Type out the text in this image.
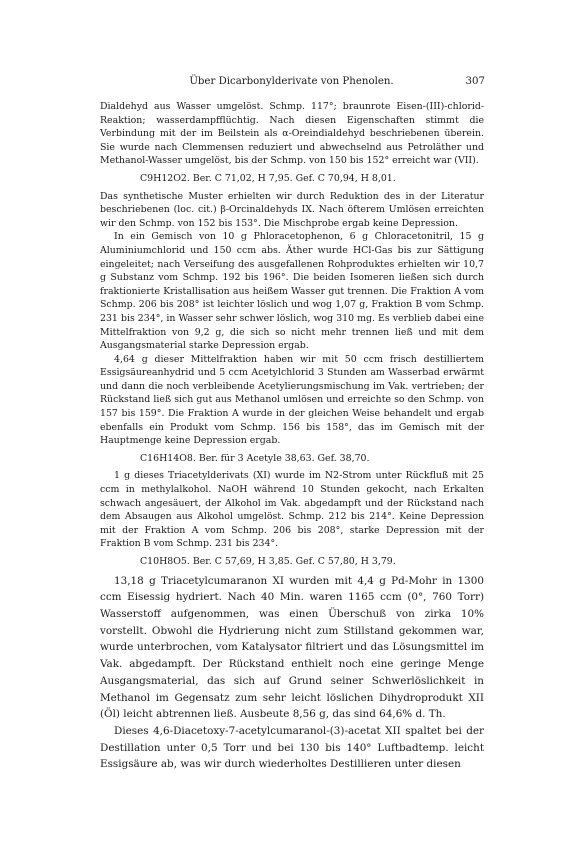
Über Dicarbonylderivate von Phenolen.	307

Dialdehyd aus Wasser umgelöst. Schmp. 117°; braunrote Eisen-(III)-chlorid-Reaktion; wasserdampfflüchtig. Nach diesen Eigenschaften stimmt die Verbindung mit der im Beilstein als α-Oreindialdehyd beschriebenen überein. Sie wurde nach Clemmensen reduziert und abwechselnd aus Petroläther und Methanol-Wasser umgelöst, bis der Schmp. von 150 bis 152° erreicht war (VII).

C9H12O2. Ber. C 71,02, H 7,95. Gef. C 70,94, H 8,01.

Das synthetische Muster erhielten wir durch Reduktion des in der Literatur beschriebenen (loc. cit.) β-Orcinaldehyds IX. Nach öfterem Umlösen erreichten wir den Schmp. von 152 bis 153°. Die Mischprobe ergab keine Depression.

In ein Gemisch von 10 g Phloracetophenon, 6 g Chloracetonitril, 15 g Aluminiumchlorid und 150 ccm abs. Äther wurde HCl-Gas bis zur Sättigung eingeleitet; nach Verseifung des ausgefallenen Rohproduktes erhielten wir 10,7 g Substanz vom Schmp. 192 bis 196°. Die beiden Isomeren ließen sich durch fraktionierte Kristallisation aus heißem Wasser gut trennen. Die Fraktion A vom Schmp. 206 bis 208° ist leichter löslich und wog 1,07 g, Fraktion B vom Schmp. 231 bis 234°, in Wasser sehr schwer löslich, wog 310 mg. Es verblieb dabei eine Mittelfraktion von 9,2 g, die sich so nicht mehr trennen ließ und mit dem Ausgangsmaterial starke Depression ergab.

4,64 g dieser Mittelfraktion haben wir mit 50 ccm frisch destilliertem Essigsäureanhydrid und 5 ccm Acetylchlorid 3 Stunden am Wasserbad erwärmt und dann die noch verbleibende Acetylierungsmischung im Vak. vertrieben; der Rückstand ließ sich gut aus Methanol umlösen und erreichte so den Schmp. von 157 bis 159°. Die Fraktion A wurde in der gleichen Weise behandelt und ergab ebenfalls ein Produkt vom Schmp. 156 bis 158°, das im Gemisch mit der Hauptmenge keine Depression ergab.

C16H14O8. Ber. für 3 Acetyle 38,63. Gef. 38,70.

1 g dieses Triacetylderivats (XI) wurde im N2-Strom unter Rückfluß mit 25 ccm in methylalkohol. NaOH während 10 Stunden gekocht, nach Erkalten schwach angesäuert, der Alkohol im Vak. abgedampft und der Rückstand nach dem Absaugen aus Alkohol umgelöst. Schmp. 212 bis 214°. Keine Depression mit der Fraktion A vom Schmp. 206 bis 208°, starke Depression mit der Fraktion B vom Schmp. 231 bis 234°.

C10H8O5. Ber. C 57,69, H 3,85. Gef. C 57,80, H 3,79.

13,18 g Triacetylcumaranon XI wurden mit 4,4 g Pd-Mohr in 1300 ccm Eisessig hydriert. Nach 40 Min. waren 1165 ccm (0°, 760 Torr) Wasserstoff aufgenommen, was einen Überschuß von zirka 10% vorstellt. Obwohl die Hydrierung nicht zum Stillstand gekommen war, wurde unterbrochen, vom Katalysator filtriert und das Lösungsmittel im Vak. abgedampft. Der Rückstand enthielt noch eine geringe Menge Ausgangsmaterial, das sich auf Grund seiner Schwerlöslichkeit in Methanol im Gegensatz zum sehr leicht löslichen Dihydroprodukt XII (Öl) leicht abtrennen ließ. Ausbeute 8,56 g, das sind 64,6% d. Th.

Dieses 4,6-Diacetoxy-7-acetylcumaranol-(3)-acetat XII spaltet bei der Destillation unter 0,5 Torr und bei 130 bis 140° Luftbadtemp. leicht Essigsäure ab, was wir durch wiederholtes Destillieren unter diesen
